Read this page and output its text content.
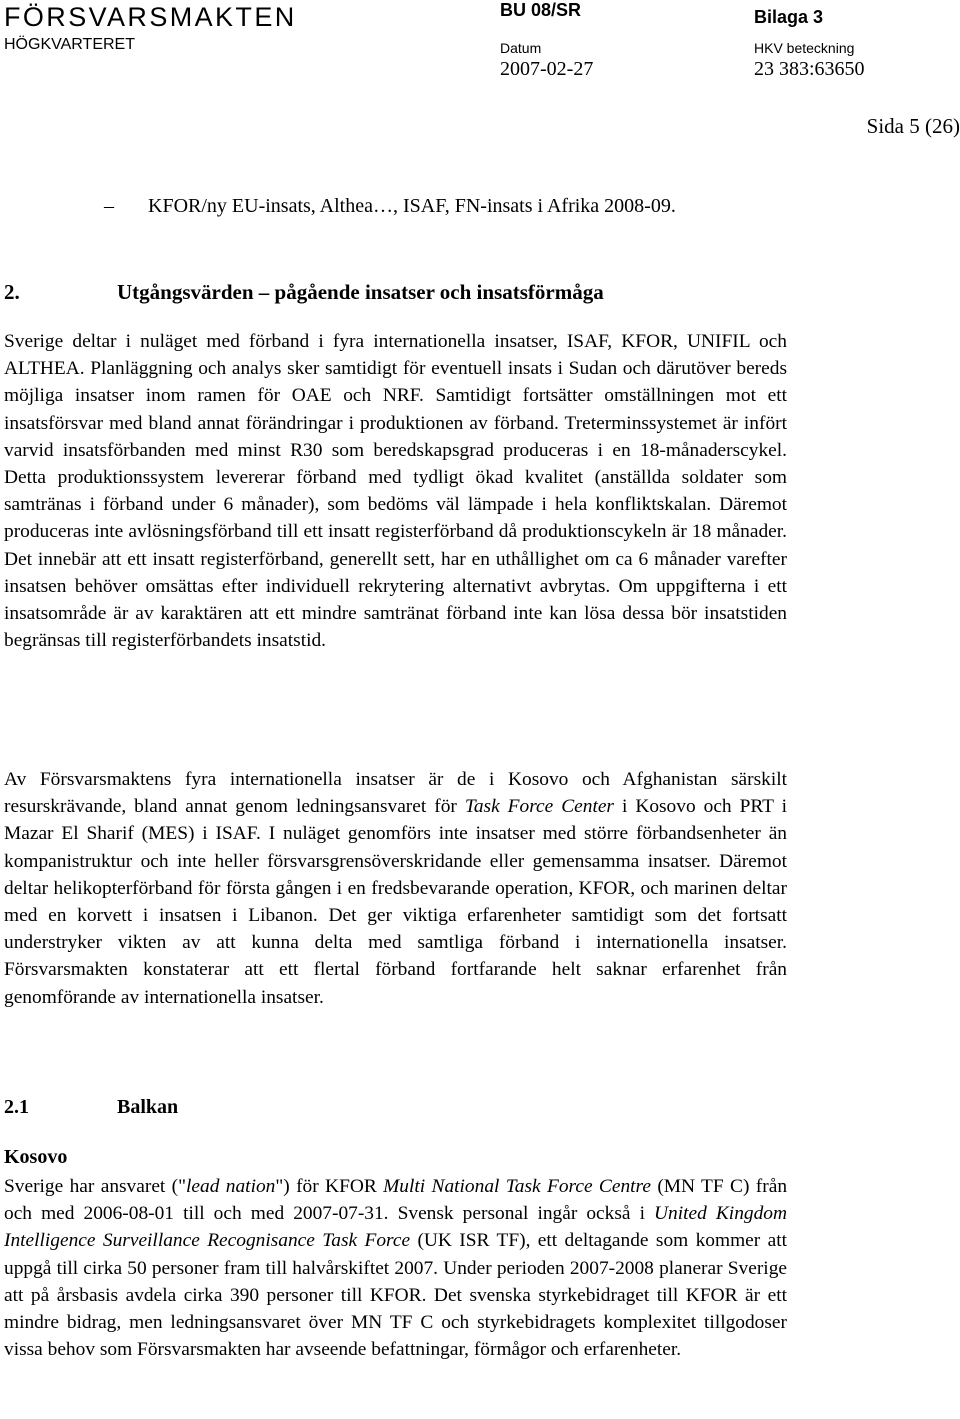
FÖRSVARSMAKTEN
HÖGKVARTERET
BU 08/SR	Bilaga 3
Datum	HKV beteckning
2007-02-27	23 383:63650
Sida 5 (26)
–	KFOR/ny EU-insats, Althea…, ISAF, FN-insats i Afrika 2008-09.
2.	Utgångsvärden – pågående insatser och insatsförmåga
Sverige deltar i nuläget med förband i fyra internationella insatser, ISAF, KFOR, UNIFIL och ALTHEA. Planläggning och analys sker samtidigt för eventuell insats i Sudan och därutöver bereds möjliga insatser inom ramen för OAE och NRF. Samtidigt fortsätter omställningen mot ett insatsförsvar med bland annat förändringar i produktionen av förband. Treterminssystemet är infört varvid insatsförbanden med minst R30 som beredskapsgrad produceras i en 18-månaderscykel. Detta produktionssystem levererar förband med tydligt ökad kvalitet (anställda soldater som samtränas i förband under 6 månader), som bedöms väl lämpade i hela konfliktskalan. Däremot produceras inte avlösningsförband till ett insatt registerförband då produktionscykeln är 18 månader. Det innebär att ett insatt registerförband, generellt sett, har en uthållighet om ca 6 månader varefter insatsen behöver omsättas efter individuell rekrytering alternativt avbrytas. Om uppgifterna i ett insatsområde är av karaktären att ett mindre samtränat förband inte kan lösa dessa bör insatstiden begränsas till registerförbandets insatstid.
Av Försvarsmaktens fyra internationella insatser är de i Kosovo och Afghanistan särskilt resurskrävande, bland annat genom ledningsansvaret för Task Force Center i Kosovo och PRT i Mazar El Sharif (MES) i ISAF. I nuläget genomförs inte insatser med större förbandsenheter än kompanistruktur och inte heller försvarsgrensöverskridande eller gemensamma insatser. Däremot deltar helikopterförband för första gången i en fredsbevarande operation, KFOR, och marinen deltar med en korvett i insatsen i Libanon. Det ger viktiga erfarenheter samtidigt som det fortsatt understryker vikten av att kunna delta med samtliga förband i internationella insatser. Försvarsmakten konstaterar att ett flertal förband fortfarande helt saknar erfarenhet från genomförande av internationella insatser.
2.1	Balkan
Kosovo
Sverige har ansvaret ("lead nation") för KFOR Multi National Task Force Centre (MN TF C) från och med 2006-08-01 till och med 2007-07-31. Svensk personal ingår också i United Kingdom Intelligence Surveillance Recognisance Task Force (UK ISR TF), ett deltagande som kommer att uppgå till cirka 50 personer fram till halvårskiftet 2007. Under perioden 2007-2008 planerar Sverige att på årsbasis avdela cirka 390 personer till KFOR. Det svenska styrkebidraget till KFOR är ett mindre bidrag, men ledningsansvaret över MN TF C och styrkebidragets komplexitet tillgodoser vissa behov som Försvarsmakten har avseende befattningar, förmågor och erfarenheter.
